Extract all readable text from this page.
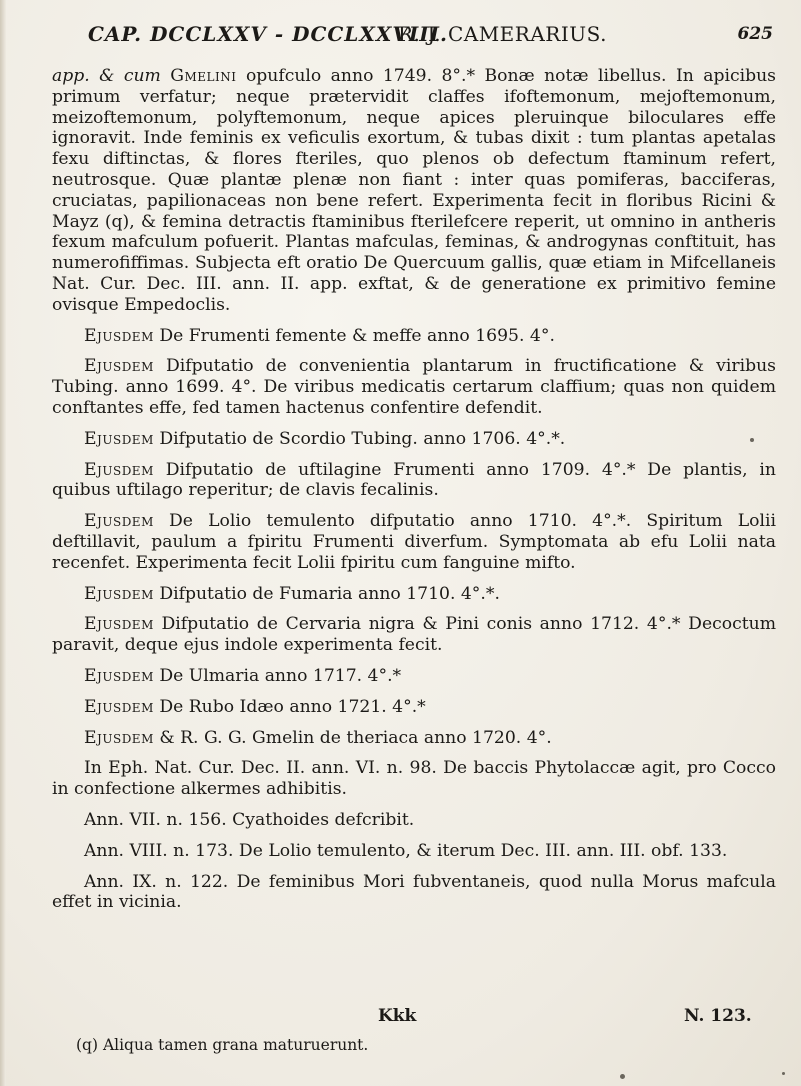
CAP. DCCLXXV - DCCLXXVIII.
R. J. CAMERARIUS.	625

app. & cum Gmelini opufculo anno 1749. 8°.* Bonæ notæ libellus. In apicibus primum verfatur; neque prætervidit claffes ifoftemonum, mejoftemonum, meizoftemonum, polyftemonum, neque apices pleruinque biloculares effe ignoravit. Inde feminis ex veficulis exortum, & tubas dixit : tum plantas apetalas fexu diftinctas, & flores fteriles, quo plenos ob defectum ftaminum refert, neutrosque. Quæ plantæ plenæ non fiant : inter quas pomiferas, bacciferas, cruciatas, papilionaceas non bene refert. Experimenta fecit in floribus Ricini & Mayz (q), & femina detractis ftaminibus fterilefcere reperit, ut omnino in antheris fexum mafculum pofuerit. Plantas mafculas, feminas, & androgynas conftituit, has numerofiffimas. Subjecta eft oratio De Quercuum gallis, quæ etiam in Mifcellaneis Nat. Cur. Dec. III. ann. II. app. exftat, & de generatione ex primitivo femine ovisque Empedoclis.

Ejusdem De Frumenti femente & meffe anno 1695. 4°.

Ejusdem Difputatio de convenientia plantarum in fructificatione & viribus Tubing. anno 1699. 4°. De viribus medicatis certarum claffium; quas non quidem conftantes effe, fed tamen hactenus confentire defendit.

Ejusdem Difputatio de Scordio Tubing. anno 1706. 4°.*.

Ejusdem Difputatio de uftilagine Frumenti anno 1709. 4°.* De plantis, in quibus uftilago reperitur; de clavis fecalinis.

Ejusdem De Lolio temulento difputatio anno 1710. 4°.*. Spiritum Lolii deftillavit, paulum a fpiritu Frumenti diverfum. Symptomata ab efu Lolii nata recenfet. Experimenta fecit Lolii fpiritu cum fanguine mifto.

Ejusdem Difputatio de Fumaria anno 1710. 4°.*.

Ejusdem Difputatio de Cervaria nigra & Pini conis anno 1712. 4°.* Decoctum paravit, deque ejus indole experimenta fecit.

Ejusdem De Ulmaria anno 1717. 4°.*

Ejusdem De Rubo Idæo anno 1721. 4°.*

Ejusdem & R. G. G. Gmelin de theriaca anno 1720. 4°.

In Eph. Nat. Cur. Dec. II. ann. VI. n. 98. De baccis Phytolaccæ agit, pro Cocco in confectione alkermes adhibitis.

Ann. VII. n. 156. Cyathoides defcribit.

Ann. VIII. n. 173. De Lolio temulento, & iterum Dec. III. ann. III. obf. 133.

Ann. IX. n. 122. De feminibus Mori fubventaneis, quod nulla Morus mafcula effet in vicinia.

Kkk	N. 123.
(q) Aliqua tamen grana maturuerunt.
